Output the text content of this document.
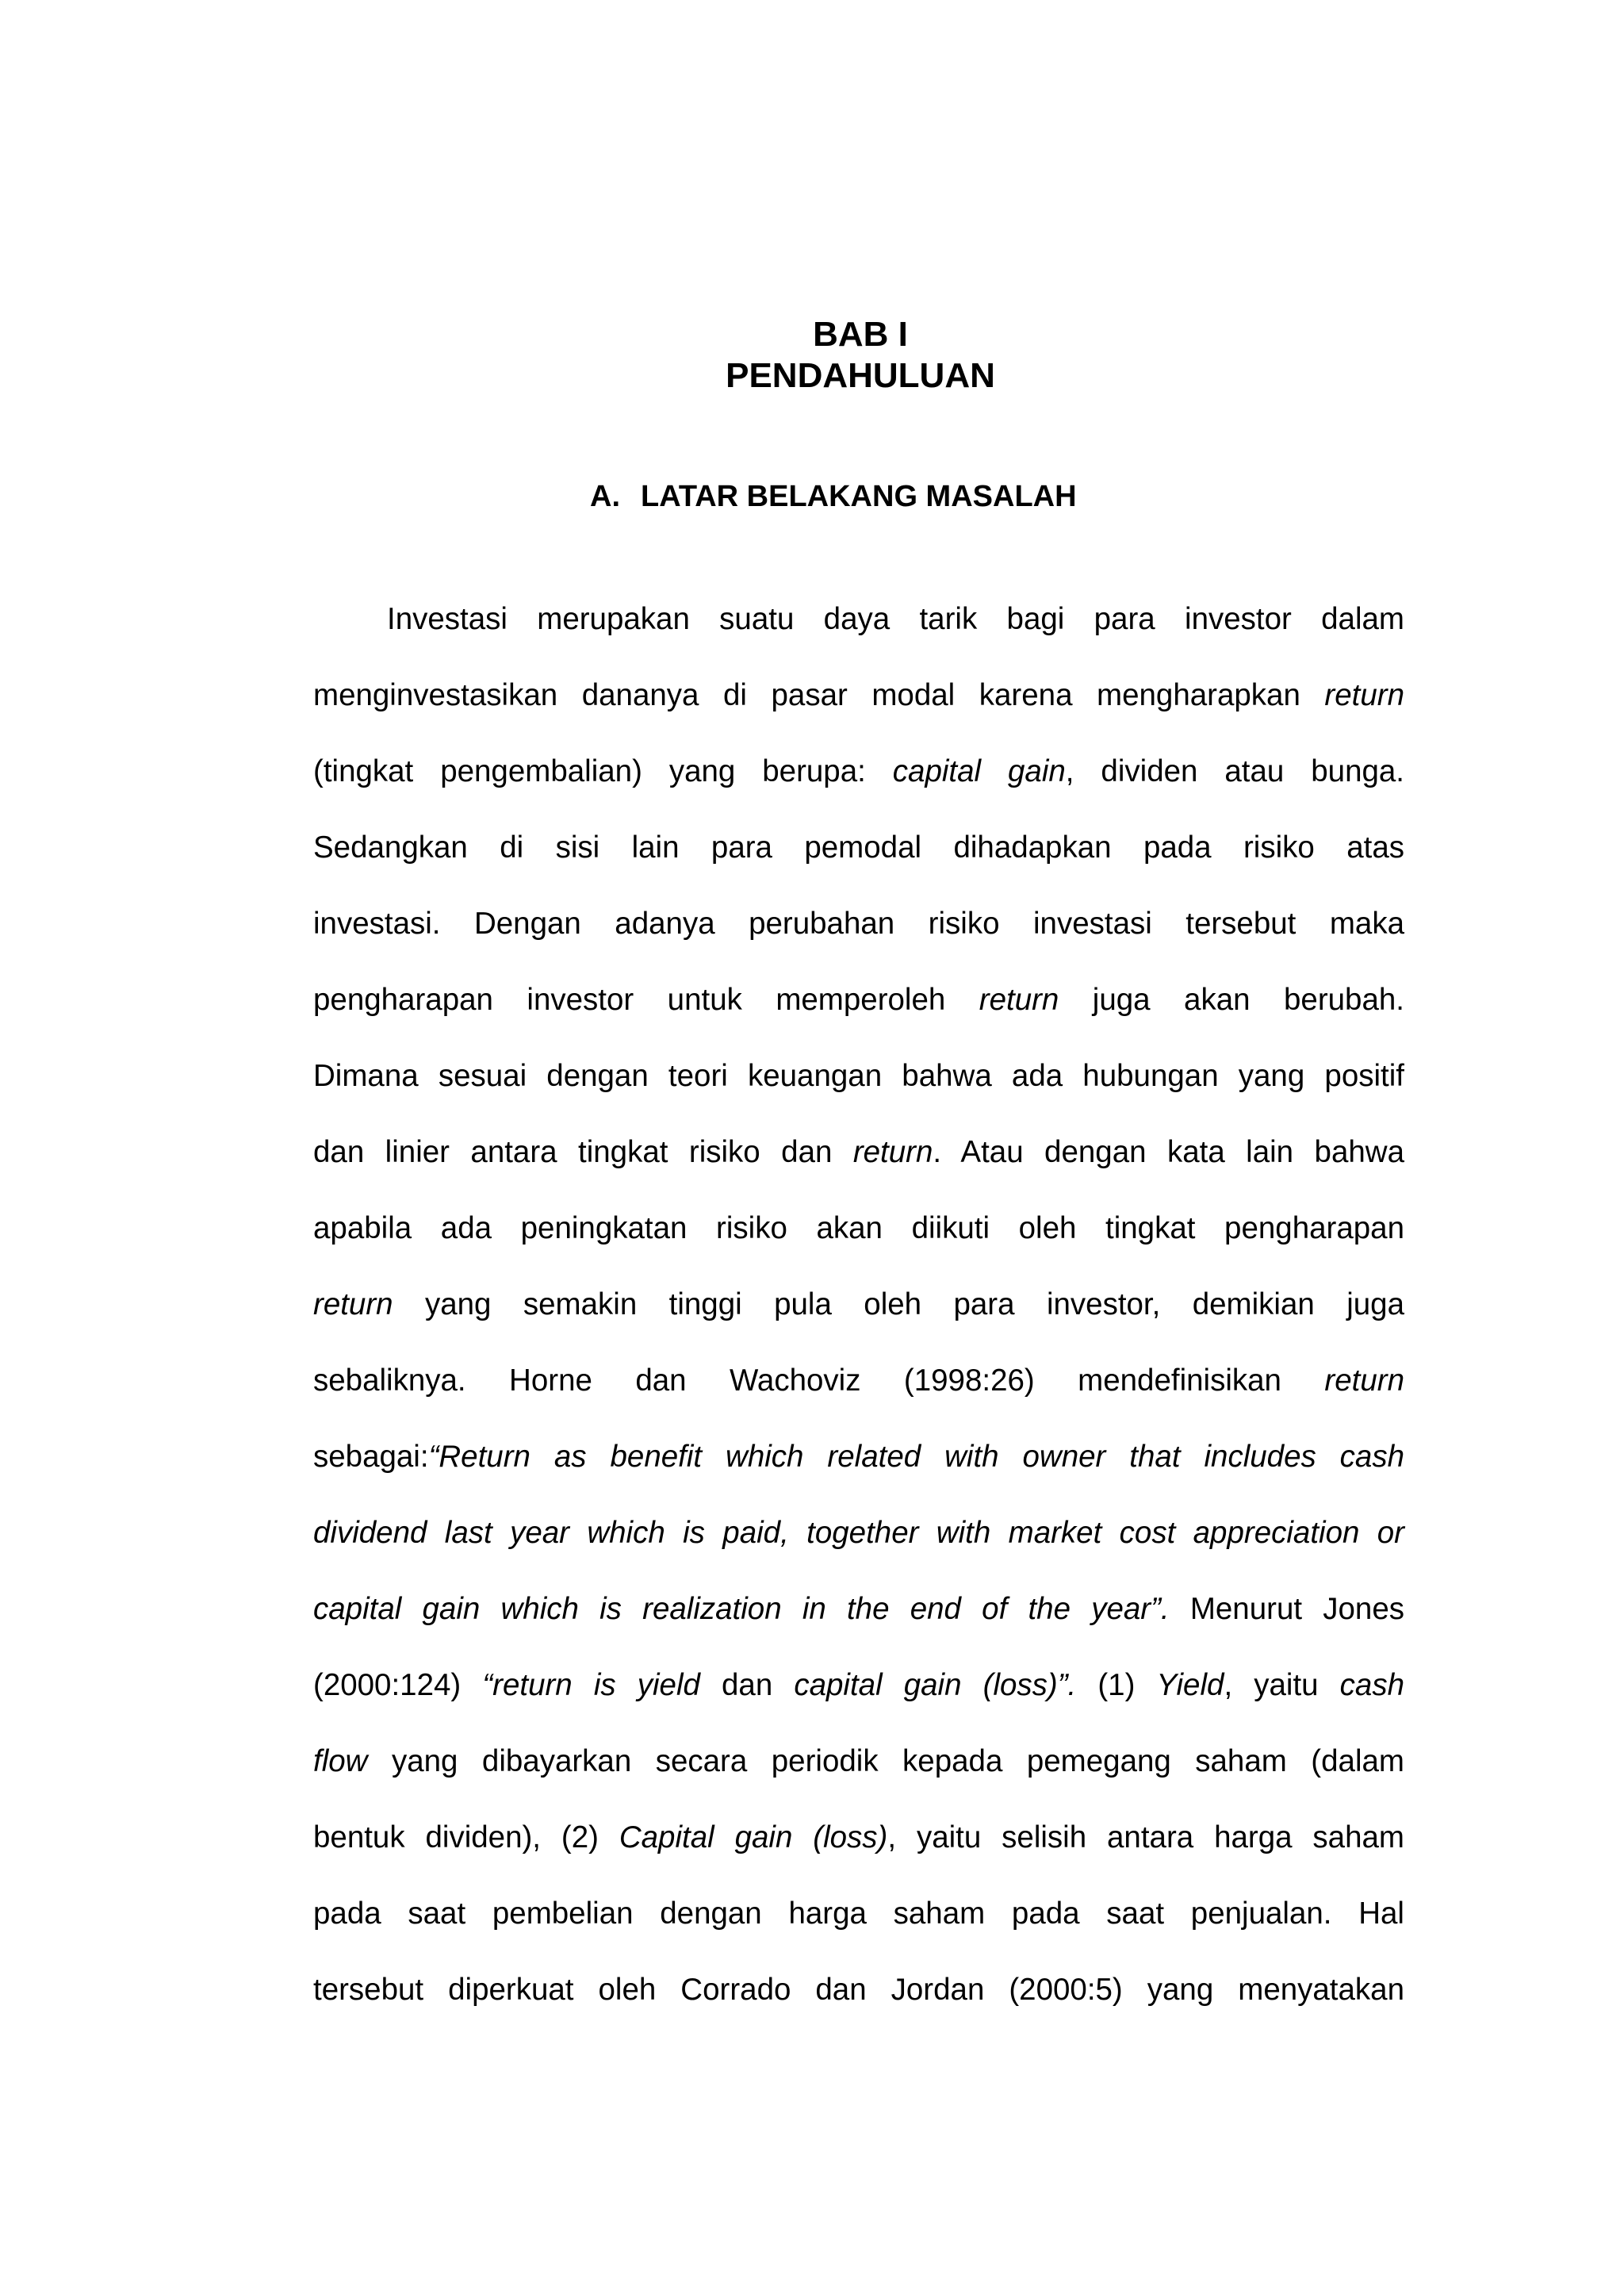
BAB I
PENDAHULUAN
A. LATAR BELAKANG MASALAH
Investasi merupakan suatu daya tarik bagi para investor dalam
menginvestasikan dananya di pasar modal karena mengharapkan return
(tingkat pengembalian) yang berupa: capital gain, dividen atau bunga.
Sedangkan di sisi lain para pemodal dihadapkan pada risiko atas
investasi. Dengan adanya perubahan risiko investasi tersebut maka
pengharapan investor untuk memperoleh return juga akan berubah.
Dimana sesuai dengan teori keuangan bahwa ada hubungan yang positif
dan linier antara tingkat risiko dan return. Atau dengan kata lain bahwa
apabila ada peningkatan risiko akan diikuti oleh tingkat pengharapan
return yang semakin tinggi pula oleh para investor, demikian juga
sebaliknya. Horne dan Wachoviz (1998:26) mendefinisikan return
sebagai:“Return as benefit which related with owner that includes cash
dividend last year which is paid, together with market cost appreciation or
capital gain which is realization in the end of the year”. Menurut Jones
(2000:124) “return is yield dan capital gain (loss)”. (1) Yield, yaitu cash
flow yang dibayarkan secara periodik kepada pemegang saham (dalam
bentuk dividen), (2) Capital gain (loss), yaitu selisih antara harga saham
pada saat pembelian dengan harga saham pada saat penjualan. Hal
tersebut diperkuat oleh Corrado dan Jordan (2000:5) yang menyatakan
